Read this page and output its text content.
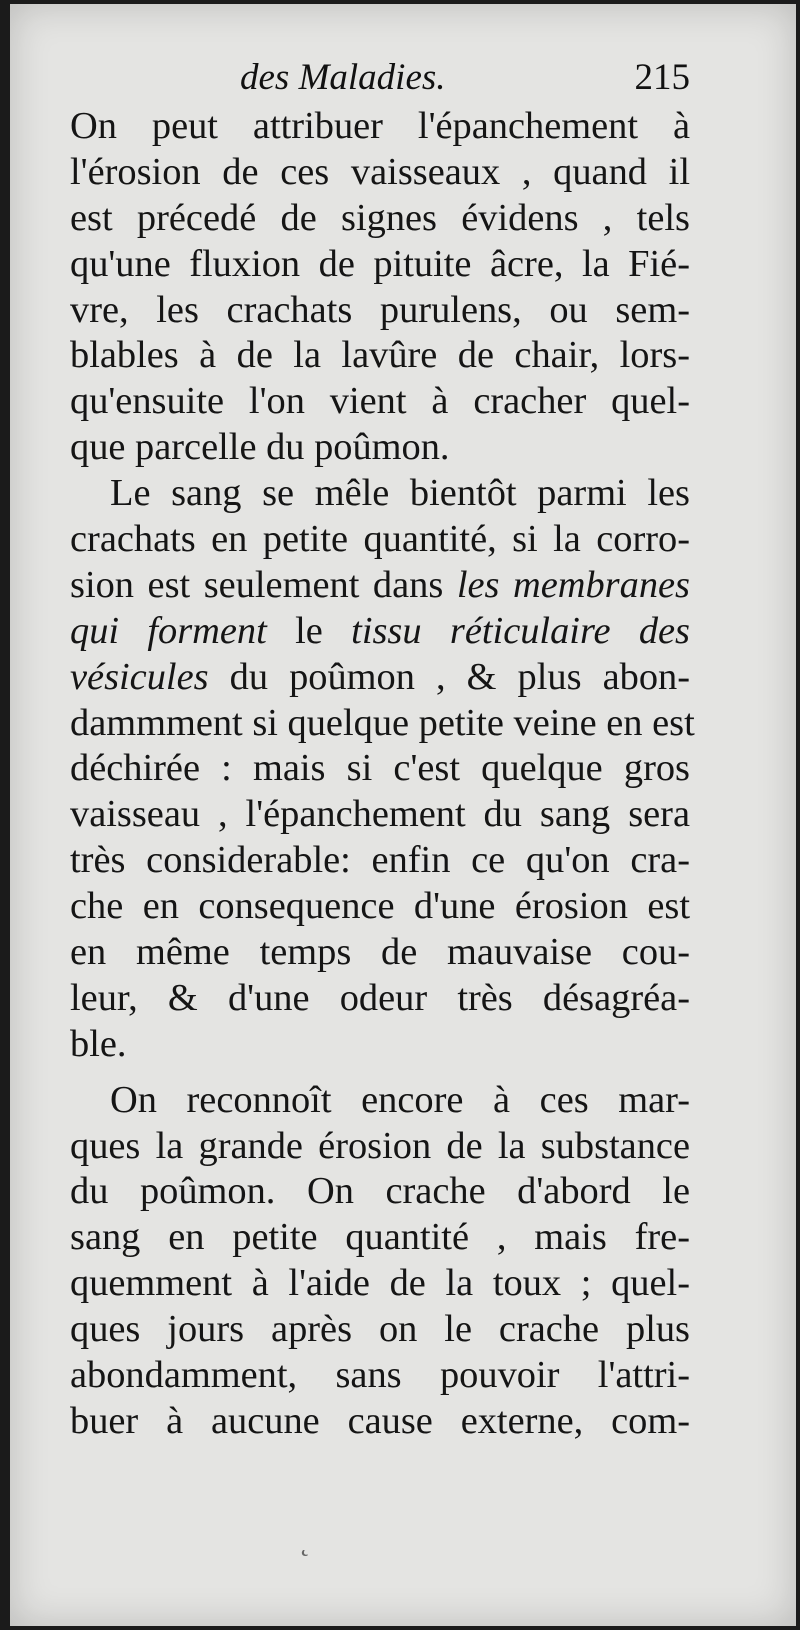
des Maladies.	215
On peut attribuer l'épanchement à
l'érosion de ces vaisseaux , quand il
est précedé de signes évidens , tels
qu'une fluxion de pituite âcre, la Fié-
vre, les crachats purulens, ou sem-
blables à de la lavûre de chair, lors-
qu'ensuite l'on vient à cracher quel-
que parcelle du poûmon.
Le sang se mêle bientôt parmi les
crachats en petite quantité, si la corro-
sion est seulement dans les membranes
qui forment le tissu réticulaire des
vésicules du poûmon , & plus abon-
dammment si quelque petite veine en est
déchirée : mais si c'est quelque gros
vaisseau , l'épanchement du sang sera
très considerable: enfin ce qu'on cra-
che en consequence d'une érosion est
en même temps de mauvaise cou-
leur, & d'une odeur très désagréa-
ble.
On reconnoît encore à ces mar-
ques la grande érosion de la substance
du poûmon. On crache d'abord le
sang en petite quantité , mais fre-
quemment à l'aide de la toux ; quel-
ques jours après on le crache plus
abondamment, sans pouvoir l'attri-
buer à aucune cause externe, com-
˛
